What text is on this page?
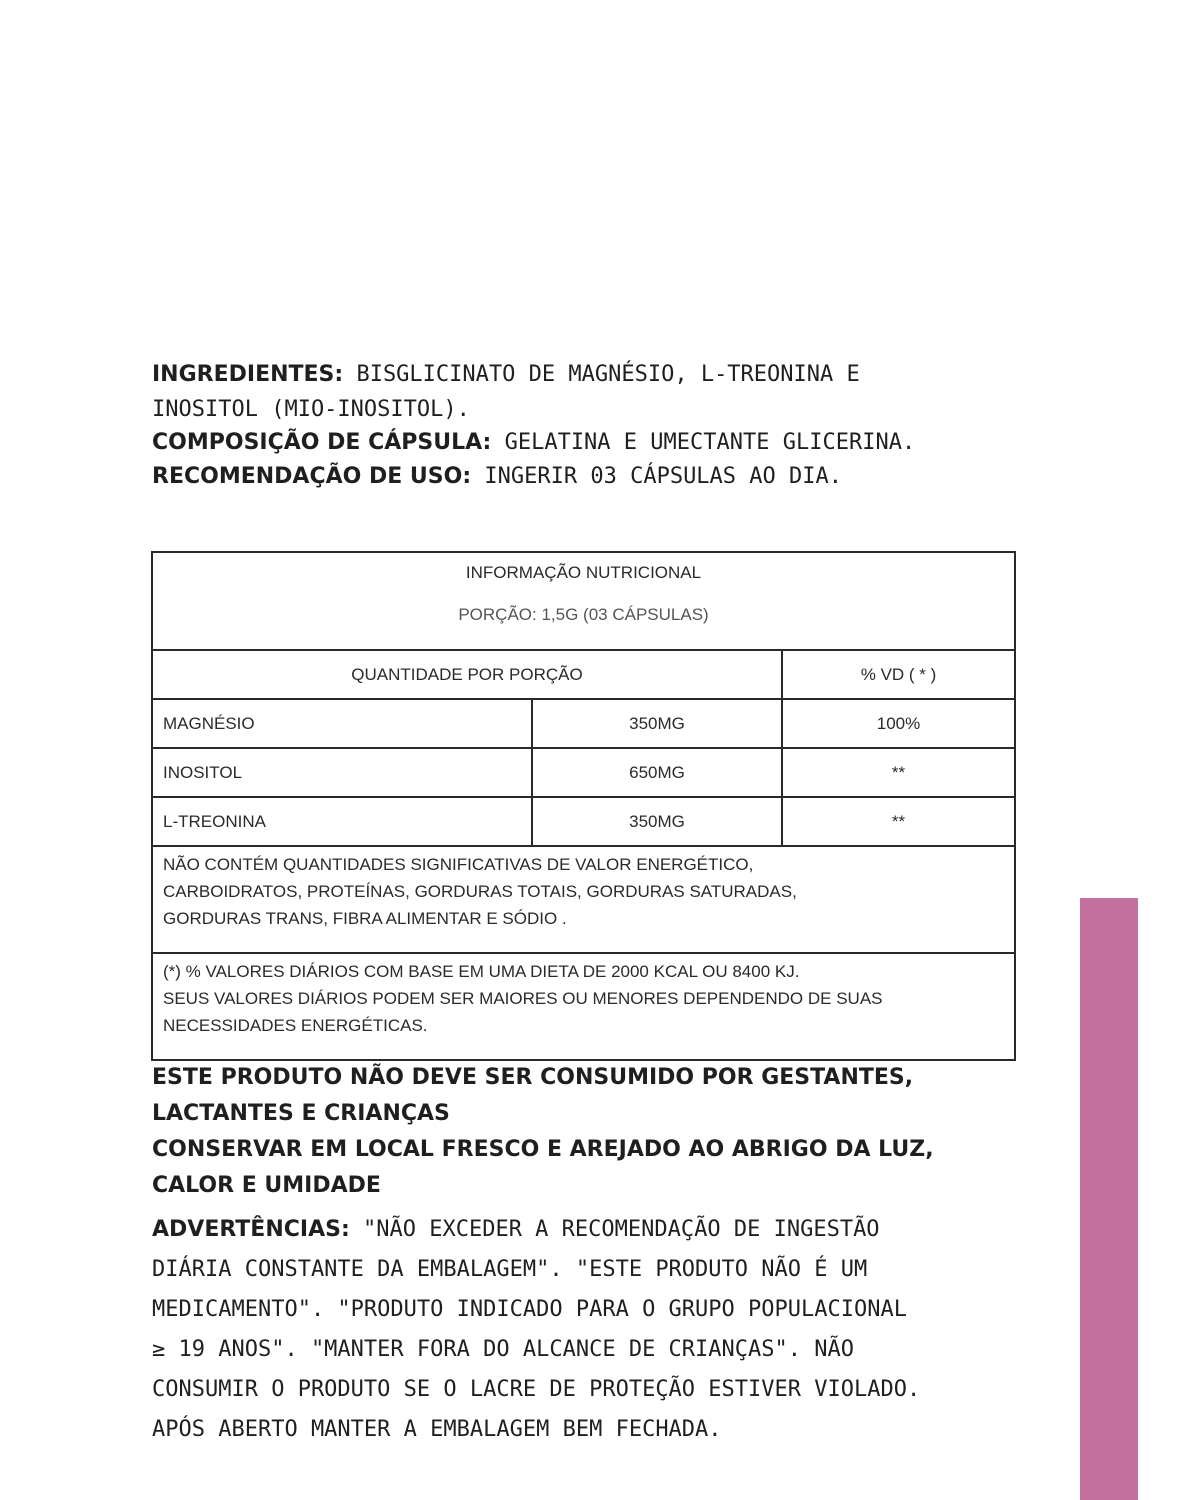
INGREDIENTES: BISGLICINATO DE MAGNÉSIO, L-TREONINA E
INOSITOL (MIO-INOSITOL).
COMPOSIÇÃO DE CÁPSULA: GELATINA E UMECTANTE GLICERINA.
RECOMENDAÇÃO DE USO: INGERIR 03 CÁPSULAS AO DIA.
INFORMAÇÃO NUTRICIONAL
PORÇÃO: 1,5G (03 CÁPSULAS)		

QUANTIDADE POR PORÇÃO		% VD ( * )
MAGNÉSIO	350MG	100%
INOSITOL	650MG	**
L-TREONINA	350MG	**

NÃO CONTÉM QUANTIDADES SIGNIFICATIVAS DE VALOR ENERGÉTICO,
CARBOIDRATOS, PROTEÍNAS, GORDURAS TOTAIS, GORDURAS SATURADAS,
GORDURAS TRANS, FIBRA ALIMENTAR E SÓDIO .		

(*) % VALORES DIÁRIOS COM BASE EM UMA DIETA DE 2000 KCAL OU 8400 KJ.
SEUS VALORES DIÁRIOS PODEM SER MAIORES OU MENORES DEPENDENDO DE SUAS
NECESSIDADES ENERGÉTICAS.		
ESTE PRODUTO NÃO DEVE SER CONSUMIDO POR GESTANTES,
LACTANTES E CRIANÇAS
CONSERVAR EM LOCAL FRESCO E AREJADO AO ABRIGO DA LUZ,
CALOR E UMIDADE
ADVERTÊNCIAS: "NÃO EXCEDER A RECOMENDAÇÃO DE INGESTÃO
DIÁRIA CONSTANTE DA EMBALAGEM". "ESTE PRODUTO NÃO É UM
MEDICAMENTO". "PRODUTO INDICADO PARA O GRUPO POPULACIONAL
≥ 19 ANOS". "MANTER FORA DO ALCANCE DE CRIANÇAS". NÃO
CONSUMIR O PRODUTO SE O LACRE DE PROTEÇÃO ESTIVER VIOLADO.
APÓS ABERTO MANTER A EMBALAGEM BEM FECHADA.
